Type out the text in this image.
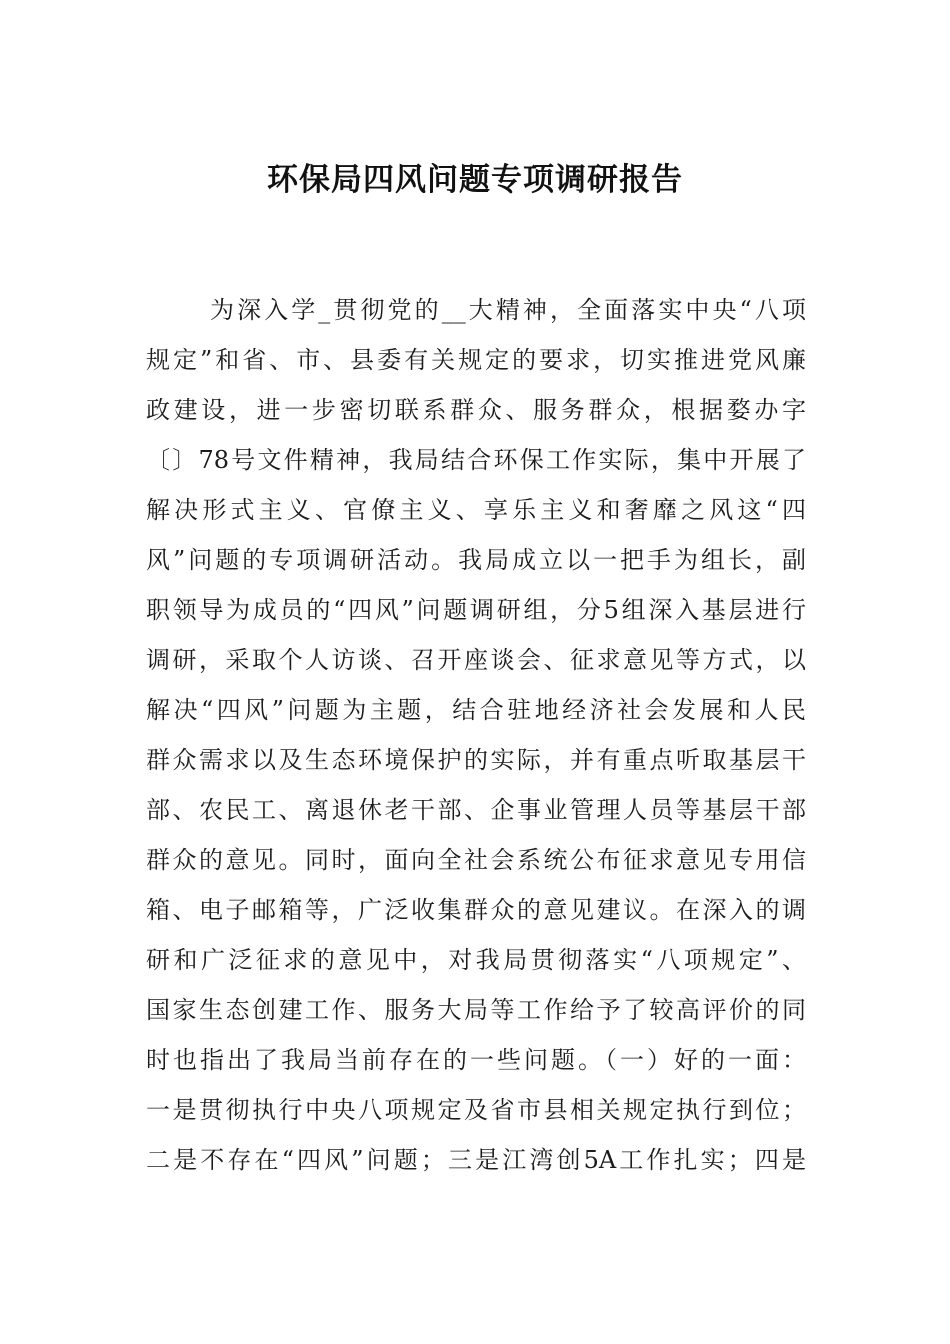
环保局四风问题专项调研报告
为深入学_贯彻党的__大精神，全面落实中央“八项
规定”和省、市、县委有关规定的要求，切实推进党风廉
政建设，进一步密切联系群众、服务群众，根据婺办字
〔〕78号文件精神，我局结合环保工作实际，集中开展了
解决形式主义、官僚主义、享乐主义和奢靡之风这“四
风”问题的专项调研活动。我局成立以一把手为组长，副
职领导为成员的“四风”问题调研组，分5组深入基层进行
调研，采取个人访谈、召开座谈会、征求意见等方式，以
解决“四风”问题为主题，结合驻地经济社会发展和人民
群众需求以及生态环境保护的实际，并有重点听取基层干
部、农民工、离退休老干部、企事业管理人员等基层干部
群众的意见。同时，面向全社会系统公布征求意见专用信
箱、电子邮箱等，广泛收集群众的意见建议。在深入的调
研和广泛征求的意见中，对我局贯彻落实“八项规定”、
国家生态创建工作、服务大局等工作给予了较高评价的同
时也指出了我局当前存在的一些问题。（一）好的一面：
一是贯彻执行中央八项规定及省市县相关规定执行到位；
二是不存在“四风”问题；三是江湾创5A工作扎实；四是
